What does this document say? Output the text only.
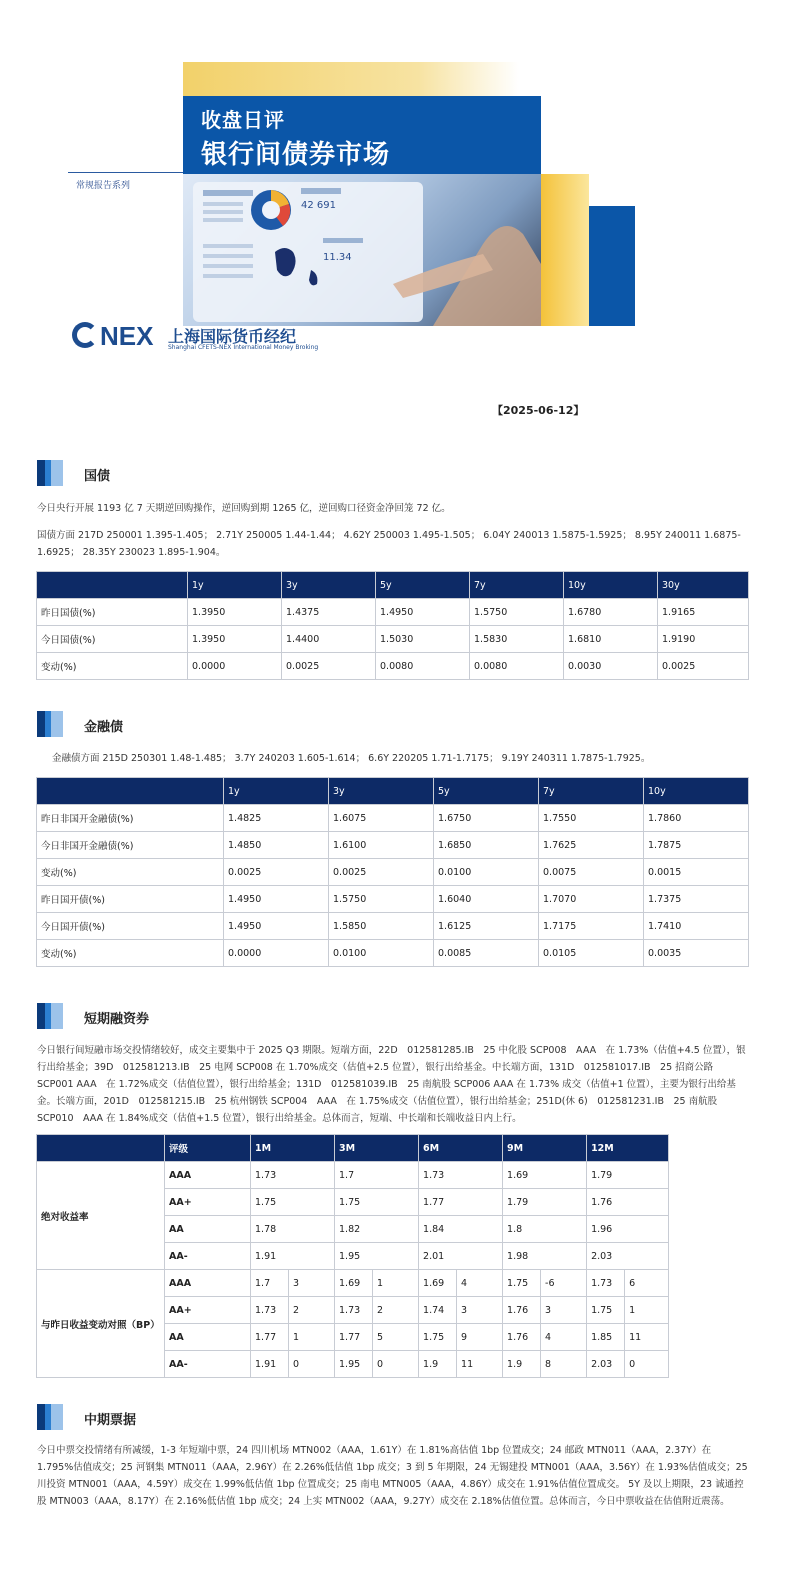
收盘日评
银行间债券市场
常规报告系列
42 691
11.34
NEX 上海国际货币经纪
Shanghai CFETS-NEX International Money Broking
【2025-06-12】
国债
今日央行开展 1193 亿 7 天期逆回购操作，逆回购到期 1265 亿，逆回购口径资金净回笼 72 亿。
国债方面 217D 250001 1.395-1.405； 2.71Y 250005 1.44-1.44； 4.62Y 250003 1.495-1.505； 6.04Y 240013 1.5875-1.5925； 8.95Y 240011 1.6875-1.6925； 28.35Y 230023 1.895-1.904。
	1y	3y	5y	7y	10y	30y
昨日国债(%)	1.3950	1.4375	1.4950	1.5750	1.6780	1.9165
今日国债(%)	1.3950	1.4400	1.5030	1.5830	1.6810	1.9190
变动(%)	0.0000	0.0025	0.0080	0.0080	0.0030	0.0025
金融债
金融债方面 215D 250301 1.48-1.485； 3.7Y 240203 1.605-1.614； 6.6Y 220205 1.71-1.7175； 9.19Y 240311 1.7875-1.7925。
	1y	3y	5y	7y	10y
昨日非国开金融债(%)	1.4825	1.6075	1.6750	1.7550	1.7860
今日非国开金融债(%)	1.4850	1.6100	1.6850	1.7625	1.7875
变动(%)	0.0025	0.0025	0.0100	0.0075	0.0015
昨日国开债(%)	1.4950	1.5750	1.6040	1.7070	1.7375
今日国开债(%)	1.4950	1.5850	1.6125	1.7175	1.7410
变动(%)	0.0000	0.0100	0.0085	0.0105	0.0035
短期融资券
今日银行间短融市场交投情绪较好，成交主要集中于 2025 Q3 期限。短端方面，22D　012581285.IB　25 中化股 SCP008　AAA　在 1.73%（估值+4.5 位置），银行出给基金；39D　012581213.IB　25 电网 SCP008 在 1.70%成交（估值+2.5 位置），银行出给基金。中长端方面，131D　012581017.IB　25 招商公路 SCP001 AAA　在 1.72%成交（估值位置），银行出给基金；131D　012581039.IB　25 南航股 SCP006 AAA 在 1.73% 成交（估值+1 位置），主要为银行出给基金。长端方面，201D　012581215.IB　25 杭州钢铁 SCP004　AAA　在 1.75%成交（估值位置），银行出给基金；251D(休 6)　012581231.IB　25 南航股 SCP010　AAA 在 1.84%成交（估值+1.5 位置），银行出给基金。总体而言，短端、中长端和长端收益日内上行。
	评级	1M		3M		6M		9M		12M	
绝对收益率	AAA	1.73		1.7		1.73		1.69		1.79	
	AA+	1.75		1.75		1.77		1.79		1.76	
	AA	1.78		1.82		1.84		1.8		1.96	
	AA-	1.91		1.95		2.01		1.98		2.03	
与昨日收益变动对照（BP）	AAA	1.7	3	1.69	1	1.69	4	1.75	-6	1.73	6
	AA+	1.73	2	1.73	2	1.74	3	1.76	3	1.75	1
	AA	1.77	1	1.77	5	1.75	9	1.76	4	1.85	11
	AA-	1.91	0	1.95	0	1.9	11	1.9	8	2.03	0
中期票据
今日中票交投情绪有所减缓，1-3 年短端中票，24 四川机场 MTN002（AAA，1.61Y）在 1.81%高估值 1bp 位置成交；24 邮政 MTN011（AAA，2.37Y）在 1.795%估值成交；25 河钢集 MTN011（AAA，2.96Y）在 2.26%低估值 1bp 成交；3 到 5 年期限，24 无锡建投 MTN001（AAA，3.56Y）在 1.93%估值成交；25 川投资 MTN001（AAA，4.59Y）成交在 1.99%低估值 1bp 位置成交；25 南电 MTN005（AAA，4.86Y）成交在 1.91%估值位置成交。 5Y 及以上期限，23 诚通控股 MTN003（AAA，8.17Y）在 2.16%低估值 1bp 成交；24 上实 MTN002（AAA，9.27Y）成交在 2.18%估值位置。总体而言，今日中票收益在估值附近震荡。
